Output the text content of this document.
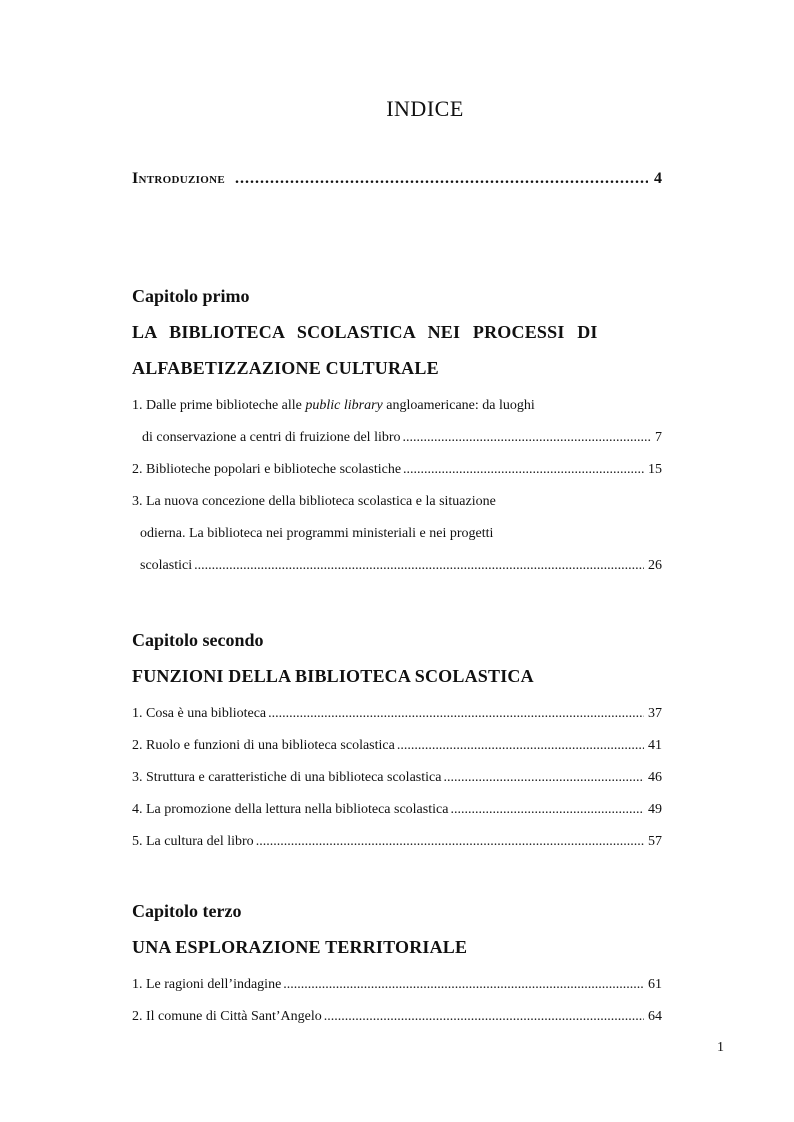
INDICE
Introduzione .....	4
Capitolo primo
LA BIBLIOTECA SCOLASTICA NEI PROCESSI DI
ALFABETIZZAZIONE CULTURALE
1. Dalle prime biblioteche alle public library angloamericane: da luoghi
di conservazione a centri di fruizione del libro .....	7
2. Biblioteche popolari e biblioteche scolastiche .....	15
3. La nuova concezione della biblioteca scolastica e la situazione
odierna. La biblioteca nei programmi ministeriali e nei progetti
scolastici .....	26
Capitolo secondo
FUNZIONI DELLA BIBLIOTECA SCOLASTICA
1. Cosa è una biblioteca .....	37
2. Ruolo e funzioni di una biblioteca scolastica .....	41
3. Struttura e caratteristiche di una biblioteca scolastica .....	46
4. La promozione della lettura nella biblioteca scolastica .....	49
5. La cultura del libro .....	57
Capitolo terzo
UNA ESPLORAZIONE TERRITORIALE
1. Le ragioni dell’indagine .....	61
2. Il comune di Città Sant’Angelo .....	64
1
